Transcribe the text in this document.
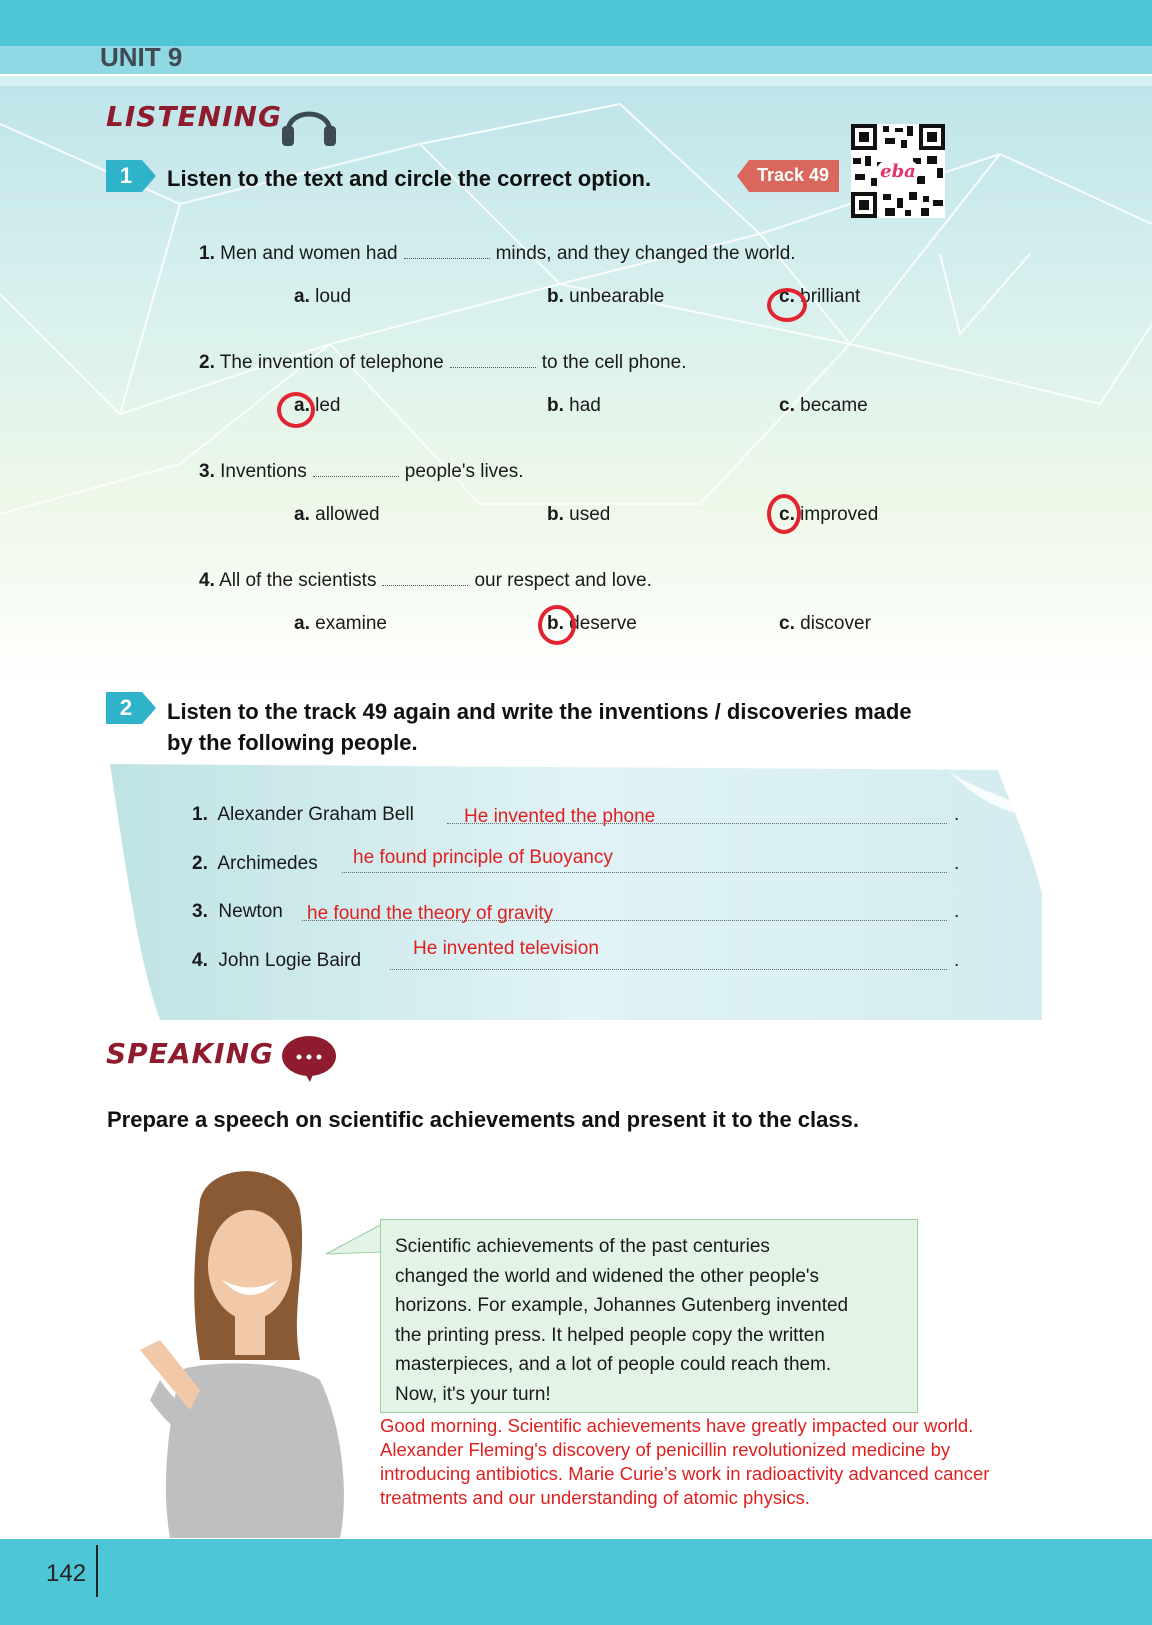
UNIT 9
LISTENING
1	Listen to the text and circle the correct option.	Track 49	eba
1. Men and women had	minds, and they changed the world.
a. loud	b. unbearable	c. brilliant
2. The invention of telephone	to the cell phone.
a. led	b. had	c. became
3. Inventions	people's lives.
a. allowed	b. used	c. improved
4. All of the scientists	our respect and love.
a. examine	b. deserve	c. discover
2	Listen to the track 49 again and write the inventions / discoveries made
by the following people.
1. Alexander Graham Bell	He invented the phone	.
2. Archimedes he found principle of Buoyancy	.
3. Newton he found the theory of gravity	.
4. John Logie Baird
He invented television
.
SPEAKING
Prepare a speech on scientific achievements and present it to the class.
Scientific achievements of the past centuries
changed the world and widened the other people's
horizons. For example, Johannes Gutenberg invented
the printing press. It helped people copy the written
masterpieces, and a lot of people could reach them.
Now, it's your turn!
Good morning. Scientific achievements have greatly impacted our world.
Alexander Fleming's discovery of penicillin revolutionized medicine by
introducing antibiotics. Marie Curie’s work in radioactivity advanced cancer
treatments and our understanding of atomic physics.
142
